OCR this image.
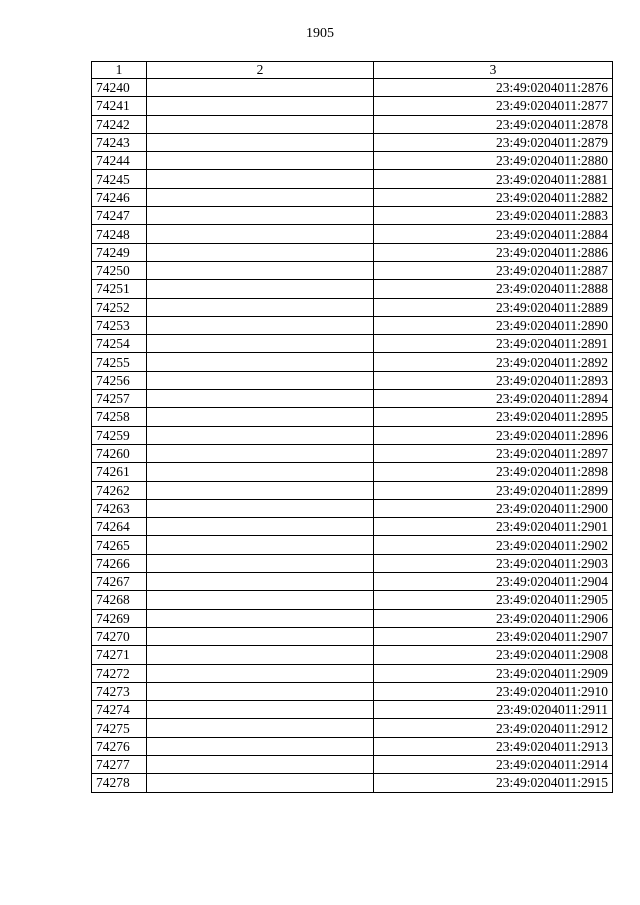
1905
1	2	3
74240		23:49:0204011:2876
74241		23:49:0204011:2877
74242		23:49:0204011:2878
74243		23:49:0204011:2879
74244		23:49:0204011:2880
74245		23:49:0204011:2881
74246		23:49:0204011:2882
74247		23:49:0204011:2883
74248		23:49:0204011:2884
74249		23:49:0204011:2886
74250		23:49:0204011:2887
74251		23:49:0204011:2888
74252		23:49:0204011:2889
74253		23:49:0204011:2890
74254		23:49:0204011:2891
74255		23:49:0204011:2892
74256		23:49:0204011:2893
74257		23:49:0204011:2894
74258		23:49:0204011:2895
74259		23:49:0204011:2896
74260		23:49:0204011:2897
74261		23:49:0204011:2898
74262		23:49:0204011:2899
74263		23:49:0204011:2900
74264		23:49:0204011:2901
74265		23:49:0204011:2902
74266		23:49:0204011:2903
74267		23:49:0204011:2904
74268		23:49:0204011:2905
74269		23:49:0204011:2906
74270		23:49:0204011:2907
74271		23:49:0204011:2908
74272		23:49:0204011:2909
74273		23:49:0204011:2910
74274		23:49:0204011:2911
74275		23:49:0204011:2912
74276		23:49:0204011:2913
74277		23:49:0204011:2914
74278		23:49:0204011:2915
